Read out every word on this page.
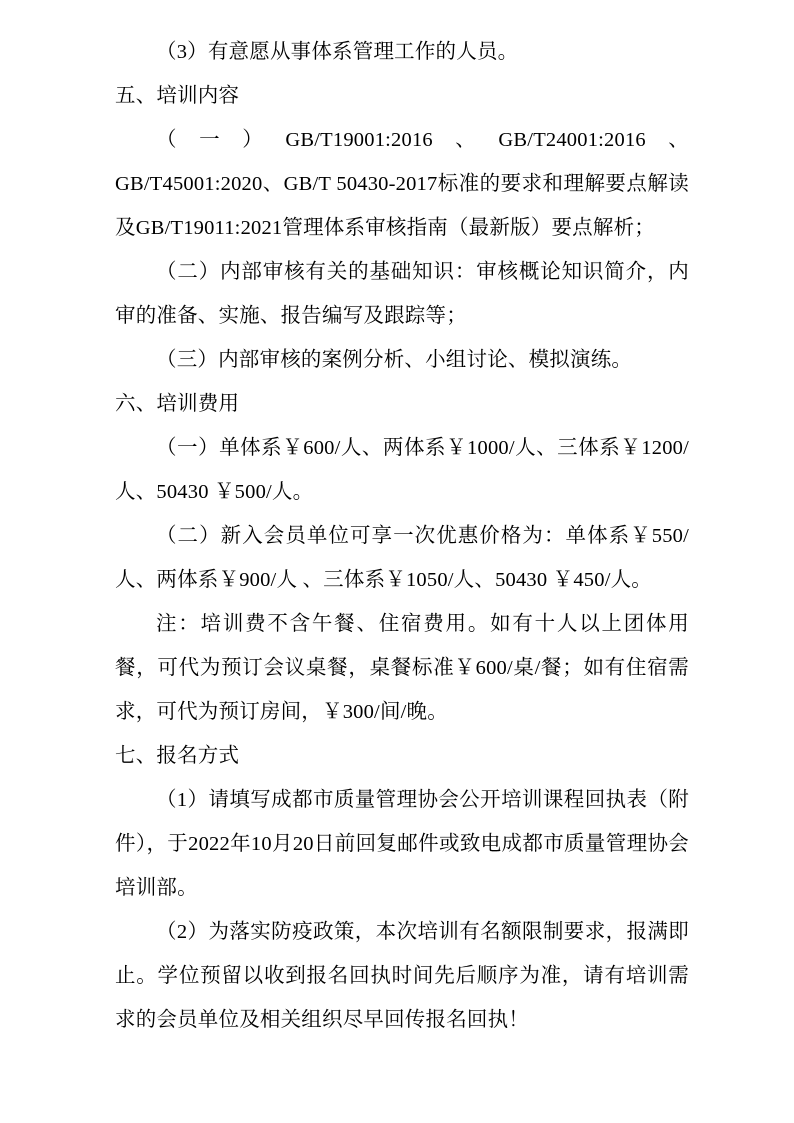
（3）有意愿从事体系管理工作的人员。

五、培训内容

（一）GB/T19001:2016、GB/T24001:2016、GB/T45001:2020、GB/T 50430-2017标准的要求和理解要点解读及GB/T19011:2021管理体系审核指南（最新版）要点解析；

（二）内部审核有关的基础知识：审核概论知识简介，内审的准备、实施、报告编写及跟踪等；

（三）内部审核的案例分析、小组讨论、模拟演练。

六、培训费用

（一）单体系￥600/人、两体系￥1000/人、三体系￥1200/人、50430 ￥500/人。

（二）新入会员单位可享一次优惠价格为：单体系￥550/人、两体系￥900/人 、三体系￥1050/人、50430 ￥450/人。

注：培训费不含午餐、住宿费用。如有十人以上团体用餐，可代为预订会议桌餐，桌餐标准￥600/桌/餐；如有住宿需求，可代为预订房间，￥300/间/晚。

七、报名方式

（1）请填写成都市质量管理协会公开培训课程回执表（附件），于2022年10月20日前回复邮件或致电成都市质量管理协会培训部。

（2）为落实防疫政策，本次培训有名额限制要求，报满即止。学位预留以收到报名回执时间先后顺序为准，请有培训需求的会员单位及相关组织尽早回传报名回执！
